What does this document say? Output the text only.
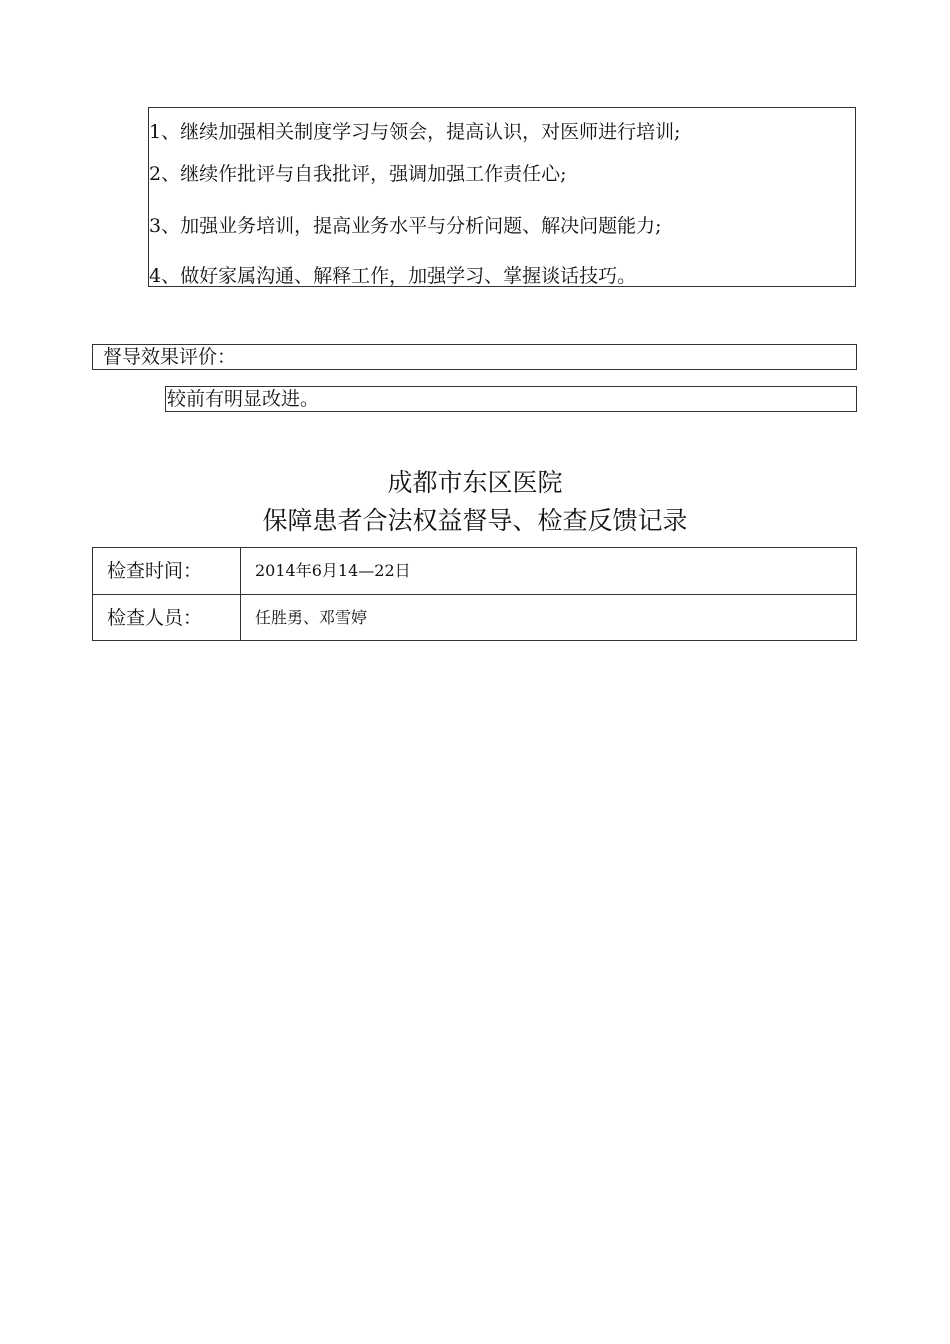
1、继续加强相关制度学习与领会，提高认识，对医师进行培训;
2、继续作批评与自我批评，强调加强工作责任心;
3、加强业务培训，提高业务水平与分析问题、解决问题能力;
4、做好家属沟通、解释工作，加强学习、掌握谈话技巧。
督导效果评价：
较前有明显改进。
成都市东区医院
保障患者合法权益督导、检查反馈记录
检查时间：	2014年6月14—22日
检查人员：	任胜勇、邓雪婷
